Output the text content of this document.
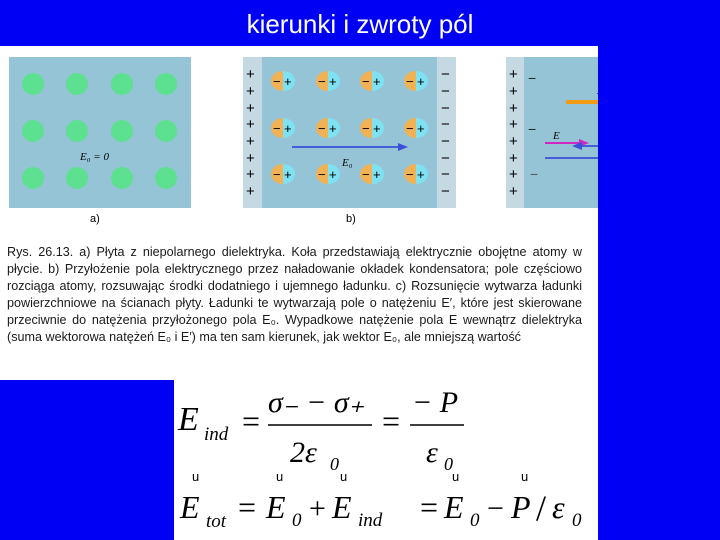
kierunki i zwroty pól
E₀ = 0
a)
+
+
+
+
+
+
+
+
−
−
−
−
−
−
−
−
− + − + − + − +
− + − + − + − +
− + − + − + − +
E₀
b)
+
+
+
+
+
+
+
+
−
−
−
E

Rys. 26.13. a) Płyta z niepolarnego dielektryka. Koła przedstawiają elektrycznie obojętne atomy w płycie. b) Przyłożenie pola elektrycznego przez naładowanie okładek kondensatora; pole częściowo rozciąga atomy, rozsuwając środki dodatniego i ujemnego ładunku. c) Rozsunięcie wytwarza ładunki powierzchniowe na ścianach płyty. Ładunki te wytwarzają pole o natężeniu E′, które jest skierowane przeciwnie do natężenia przyłożonego pola E₀. Wypadkowe natężenie pola E wewnątrz dielektryka (suma wektorowa natężeń E₀ i E′) ma ten sam kierunek, jak wektor E₀, ale mniejszą wartość

E ind =
σ₋ − σ₊
2ε 0
=
− P
ε 0
u	u	u	u	u
E tot = E 0 + E ind = E 0 − P / ε 0
